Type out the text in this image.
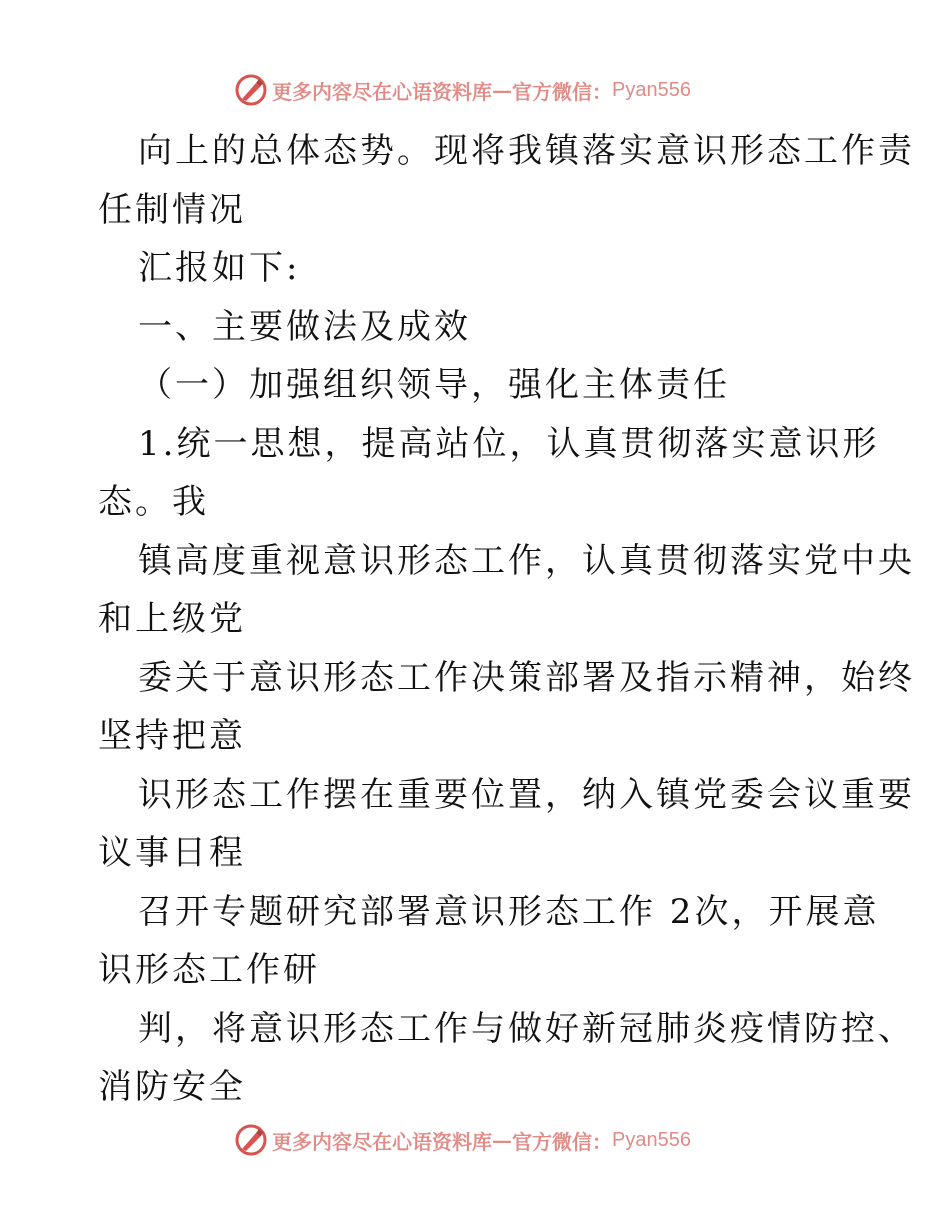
更多内容尽在心语资料库 — 官方微信： Pyan556
向上的总体态势。现将我镇落实意识形态工作责
任制情况
汇报如下:
一、主要做法及成效
（一）加强组织领导，强化主体责任
1.统一思想，提高站位，认真贯彻落实意识形
态。我
镇高度重视意识形态工作，认真贯彻落实党中央
和上级党
委关于意识形态工作决策部署及指示精神，始终
坚持把意
识形态工作摆在重要位置，纳入镇党委会议重要
议事日程
召开专题研究部署意识形态工作 2次，开展意
识形态工作研
判，将意识形态工作与做好新冠肺炎疫情防控、
消防安全
更多内容尽在心语资料库 — 官方微信： Pyan556
